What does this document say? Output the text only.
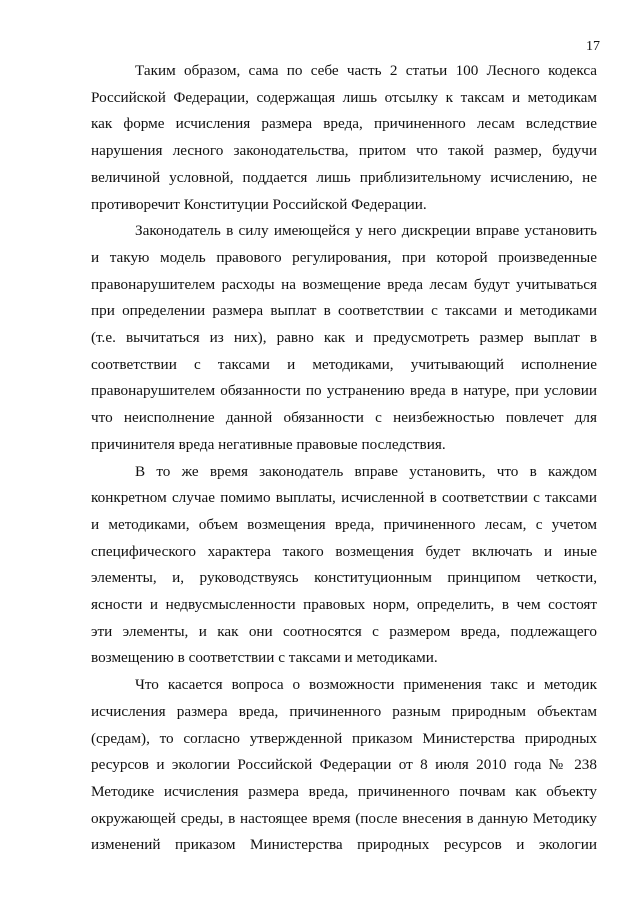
17

Таким образом, сама по себе часть 2 статьи 100 Лесного кодекса
Российской Федерации, содержащая лишь отсылку к таксам и методикам
как форме исчисления размера вреда, причиненного лесам вследствие
нарушения лесного законодательства, притом что такой размер, будучи
величиной условной, поддается лишь приблизительному исчислению, не
противоречит Конституции Российской Федерации.

Законодатель в силу имеющейся у него дискреции вправе установить
и такую модель правового регулирования, при которой произведенные
правонарушителем расходы на возмещение вреда лесам будут учитываться
при определении размера выплат в соответствии с таксами и методиками
(т.е. вычитаться из них), равно как и предусмотреть размер выплат в
соответствии с таксами и методиками, учитывающий исполнение
правонарушителем обязанности по устранению вреда в натуре, при условии
что неисполнение данной обязанности с неизбежностью повлечет для
причинителя вреда негативные правовые последствия.

В то же время законодатель вправе установить, что в каждом
конкретном случае помимо выплаты, исчисленной в соответствии с таксами
и методиками, объем возмещения вреда, причиненного лесам, с учетом
специфического характера такого возмещения будет включать и иные
элементы, и, руководствуясь конституционным принципом четкости,
ясности и недвусмысленности правовых норм, определить, в чем состоят
эти элементы, и как они соотносятся с размером вреда, подлежащего
возмещению в соответствии с таксами и методиками.

Что касается вопроса о возможности применения такс и методик
исчисления размера вреда, причиненного разным природным объектам
(средам), то согласно утвержденной приказом Министерства природных
ресурсов и экологии Российской Федерации от 8 июля 2010 года № 238
Методике исчисления размера вреда, причиненного почвам как объекту
окружающей среды, в настоящее время (после внесения в данную Методику
изменений приказом Министерства природных ресурсов и экологии
